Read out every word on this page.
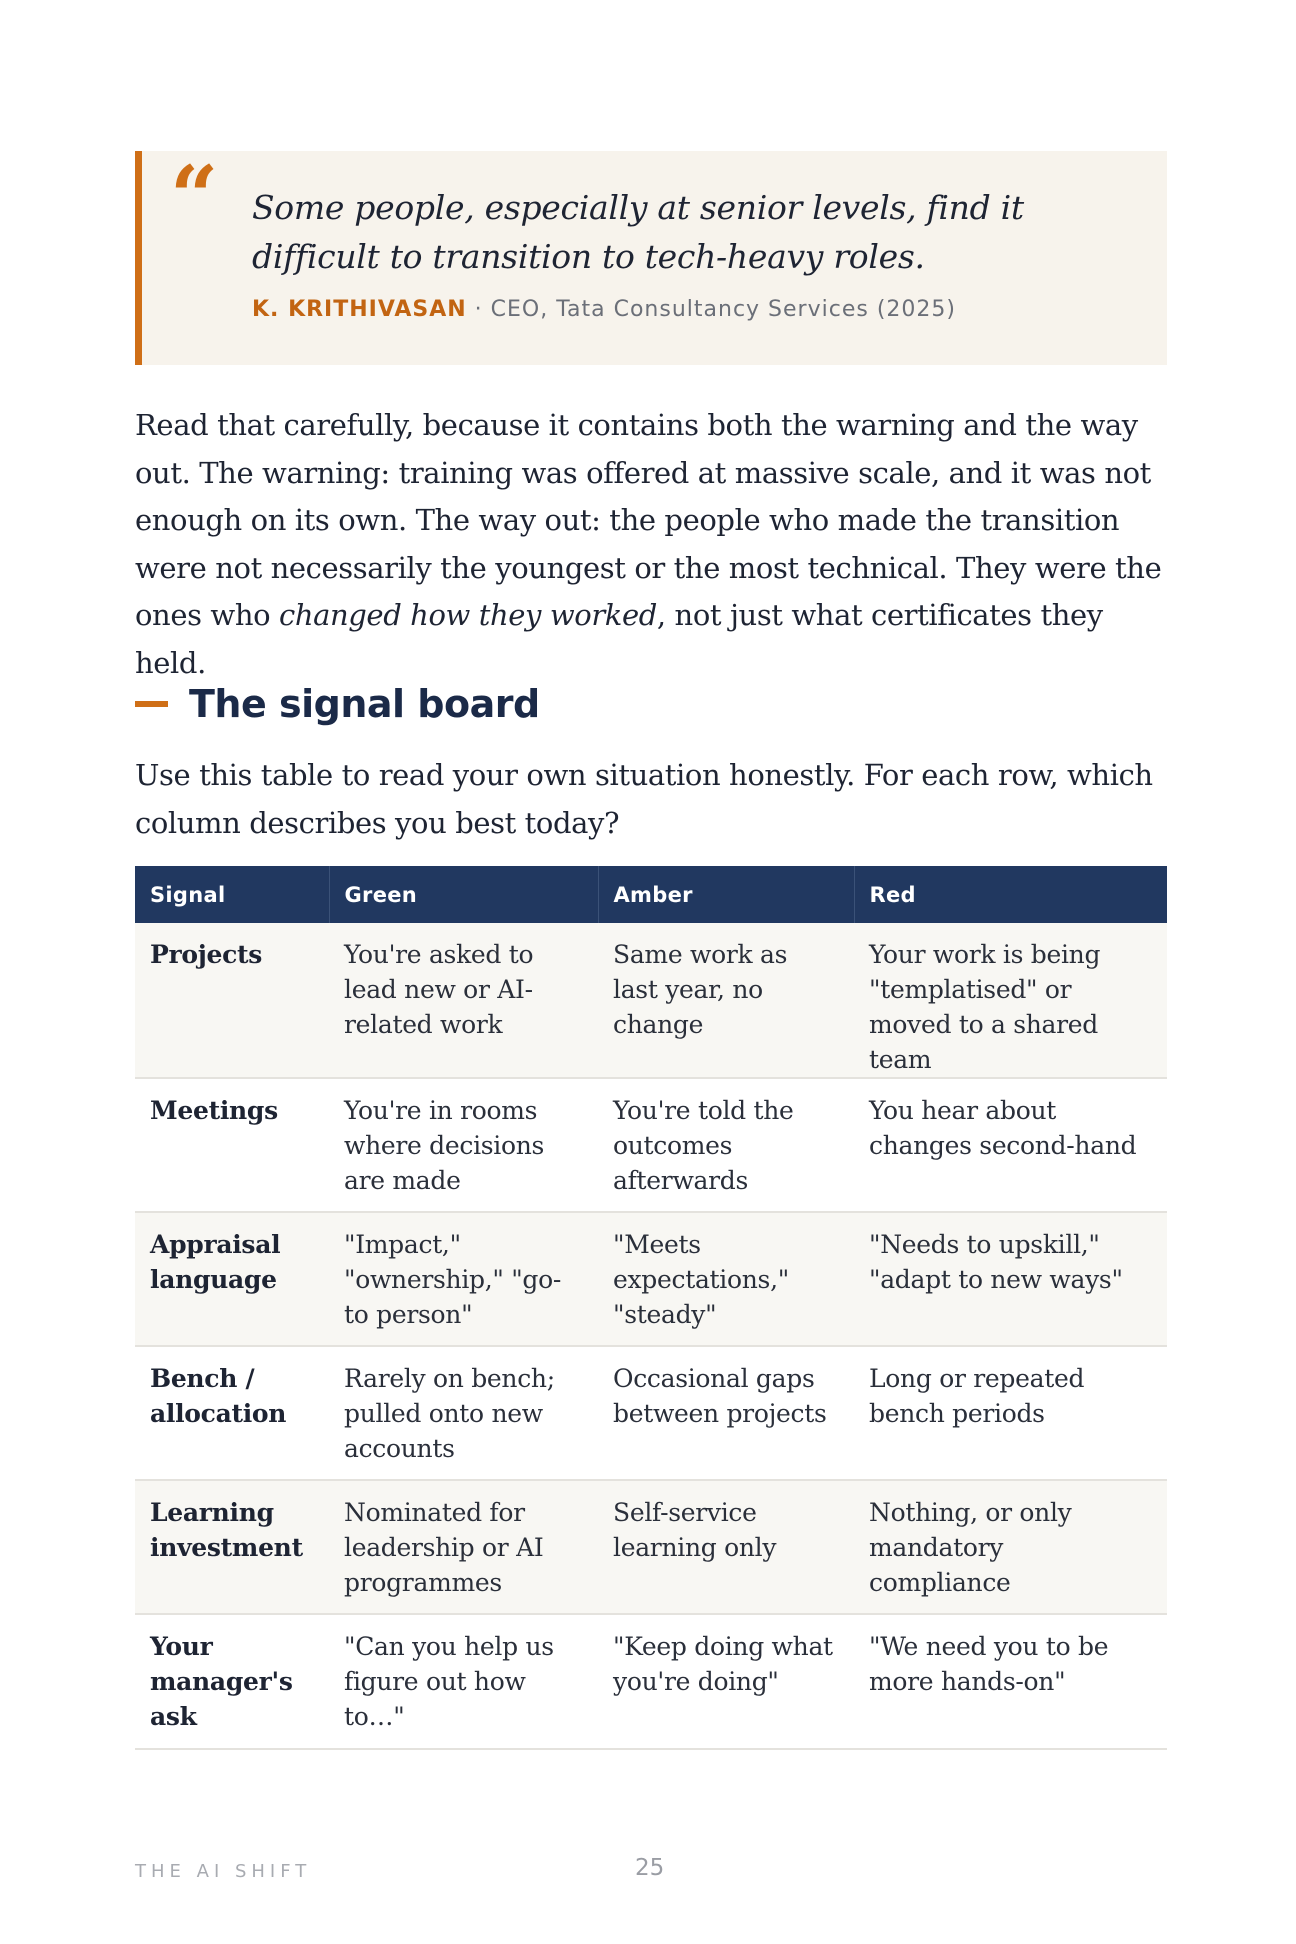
“ Some people, especially at senior levels, find it difficult to transition to tech-heavy roles.
K. KRITHIVASAN · CEO, Tata Consultancy Services (2025)

Read that carefully, because it contains both the warning and the way out. The warning: training was offered at massive scale, and it was not enough on its own. The way out: the people who made the transition were not necessarily the youngest or the most technical. They were the ones who changed how they worked, not just what certificates they held.

The signal board

Use this table to read your own situation honestly. For each row, which column describes you best today?

Signal	Green	Amber	Red
Projects	You're asked to lead new or AI-related work	Same work as last year, no change	Your work is being "templatised" or moved to a shared team
Meetings	You're in rooms where decisions are made	You're told the outcomes afterwards	You hear about changes second-hand
Appraisal language	"Impact," "ownership," "go-to person"	"Meets expectations," "steady"	"Needs to upskill," "adapt to new ways"
Bench / allocation	Rarely on bench; pulled onto new accounts	Occasional gaps between projects	Long or repeated bench periods
Learning investment	Nominated for leadership or AI programmes	Self-service learning only	Nothing, or only mandatory compliance
Your manager's ask	"Can you help us figure out how to…"	"Keep doing what you're doing"	"We need you to be more hands-on"
THE AI SHIFT	25
